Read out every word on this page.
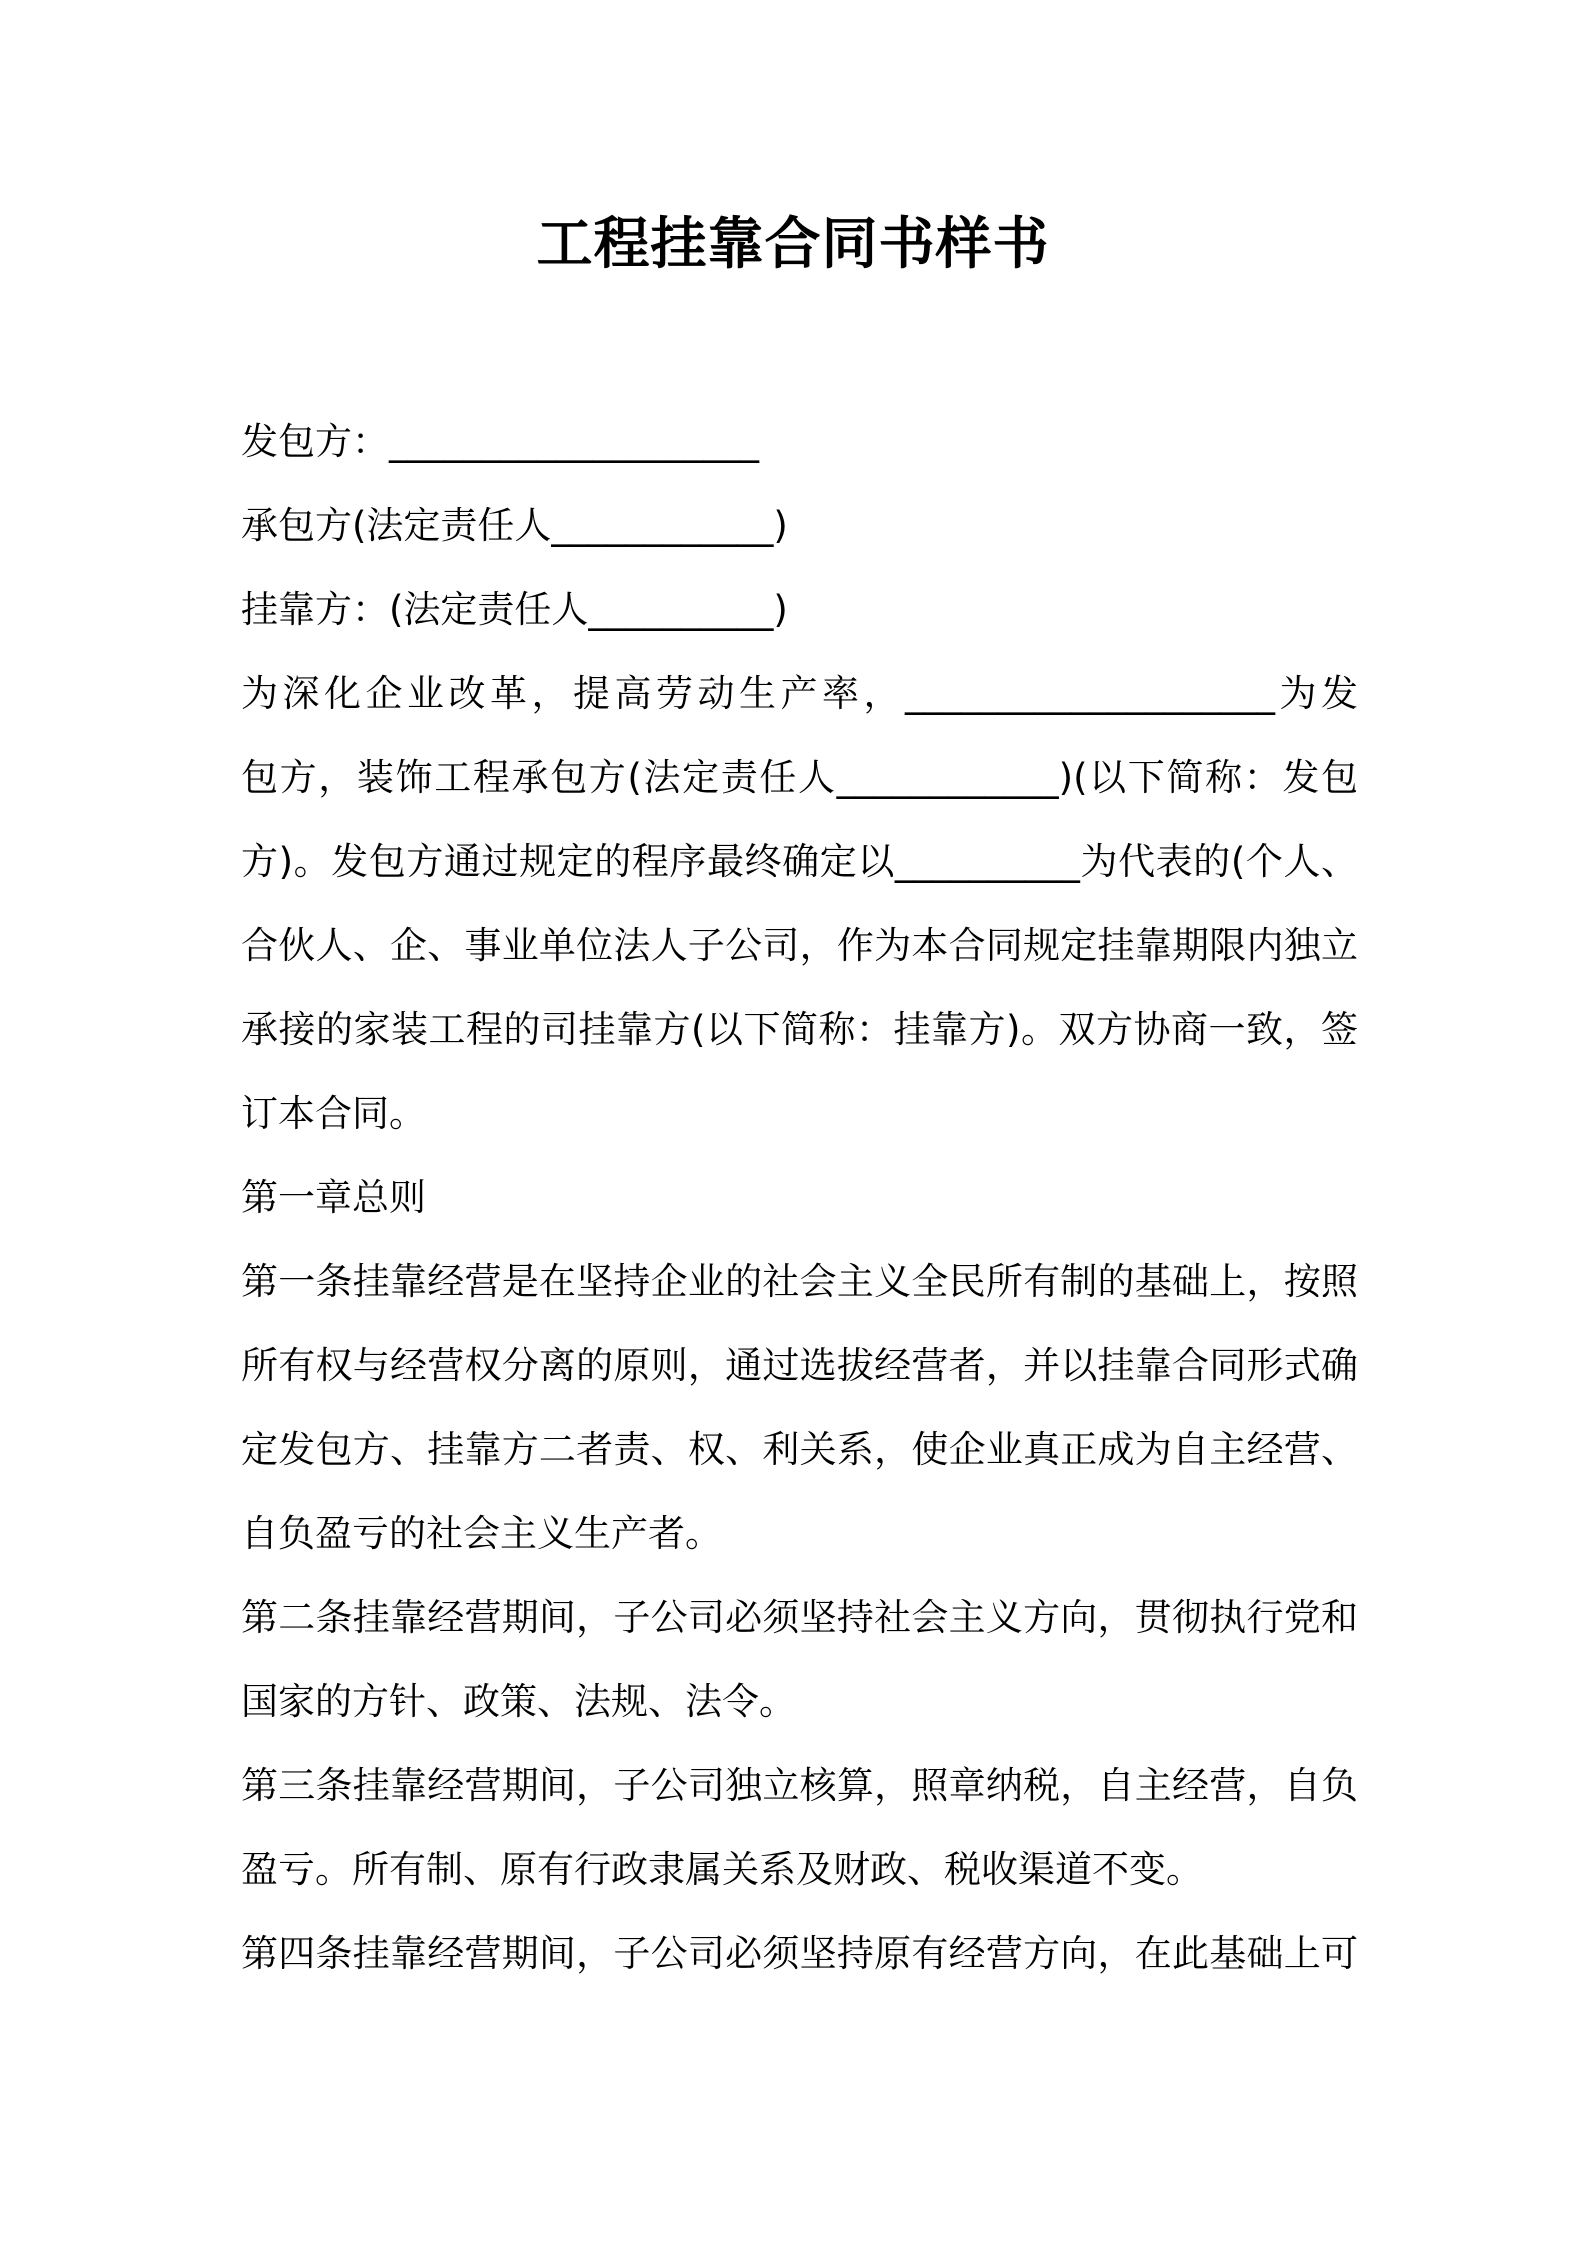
工程挂靠合同书样书
发包方：____________________
承包方(法定责任人____________)
挂靠方：(法定责任人__________)
为深化企业改革，提高劳动生产率，____________________为发
包方，装饰工程承包方(法定责任人____________)(以下简称：发包
方)。发包方通过规定的程序最终确定以__________为代表的(个人、
合伙人、企、事业单位法人子公司，作为本合同规定挂靠期限内独立
承接的家装工程的司挂靠方(以下简称：挂靠方)。双方协商一致，签
订本合同。
第一章总则
第一条挂靠经营是在坚持企业的社会主义全民所有制的基础上，按照
所有权与经营权分离的原则，通过选拔经营者，并以挂靠合同形式确
定发包方、挂靠方二者责、权、利关系，使企业真正成为自主经营、
自负盈亏的社会主义生产者。
第二条挂靠经营期间，子公司必须坚持社会主义方向，贯彻执行党和
国家的方针、政策、法规、法令。
第三条挂靠经营期间，子公司独立核算，照章纳税，自主经营，自负
盈亏。所有制、原有行政隶属关系及财政、税收渠道不变。
第四条挂靠经营期间，子公司必须坚持原有经营方向，在此基础上可
